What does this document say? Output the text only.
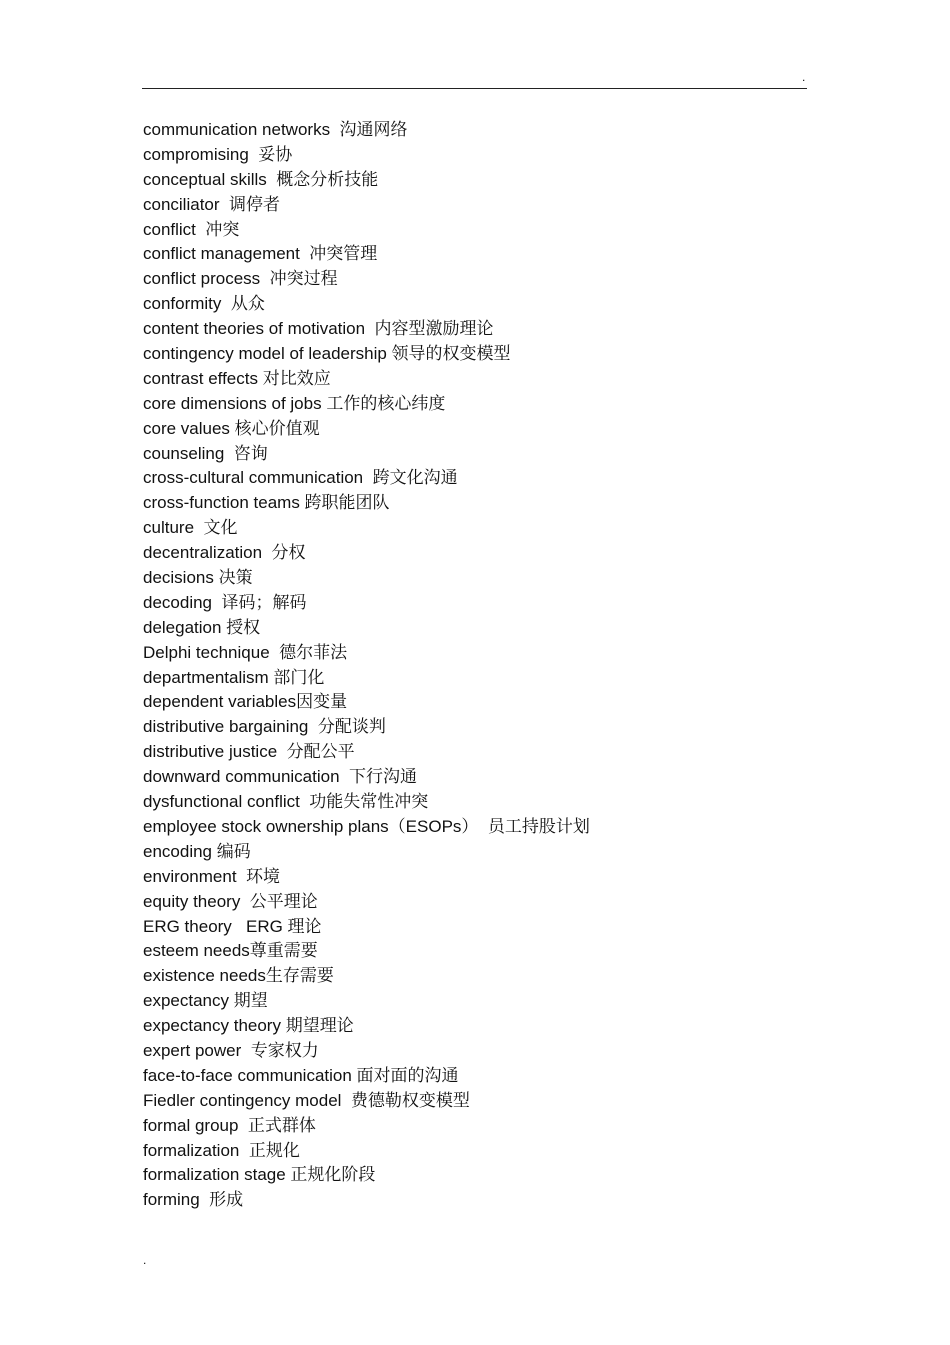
.
communication networks  沟通网络
compromising  妥协
conceptual skills  概念分析技能
conciliator  调停者
conflict  冲突
conflict management  冲突管理
conflict process  冲突过程
conformity  从众
content theories of motivation  内容型激励理论
contingency model of leadership 领导的权变模型
contrast effects 对比效应
core dimensions of jobs 工作的核心纬度
core values 核心价值观
counseling  咨询
cross-cultural communication  跨文化沟通
cross-function teams 跨职能团队
culture  文化
decentralization  分权
decisions 决策
decoding  译码；解码
delegation 授权
Delphi technique  德尔菲法
departmentalism 部门化
dependent variables因变量
distributive bargaining  分配谈判
distributive justice  分配公平
downward communication  下行沟通
dysfunctional conflict  功能失常性冲突
employee stock ownership plans（ESOPs）  员工持股计划
encoding 编码
environment  环境
equity theory  公平理论
ERG theory   ERG 理论
esteem needs尊重需要
existence needs生存需要
expectancy 期望
expectancy theory 期望理论
expert power  专家权力
face-to-face communication 面对面的沟通
Fiedler contingency model  费德勒权变模型
formal group  正式群体
formalization  正规化
formalization stage 正规化阶段
forming  形成
.
